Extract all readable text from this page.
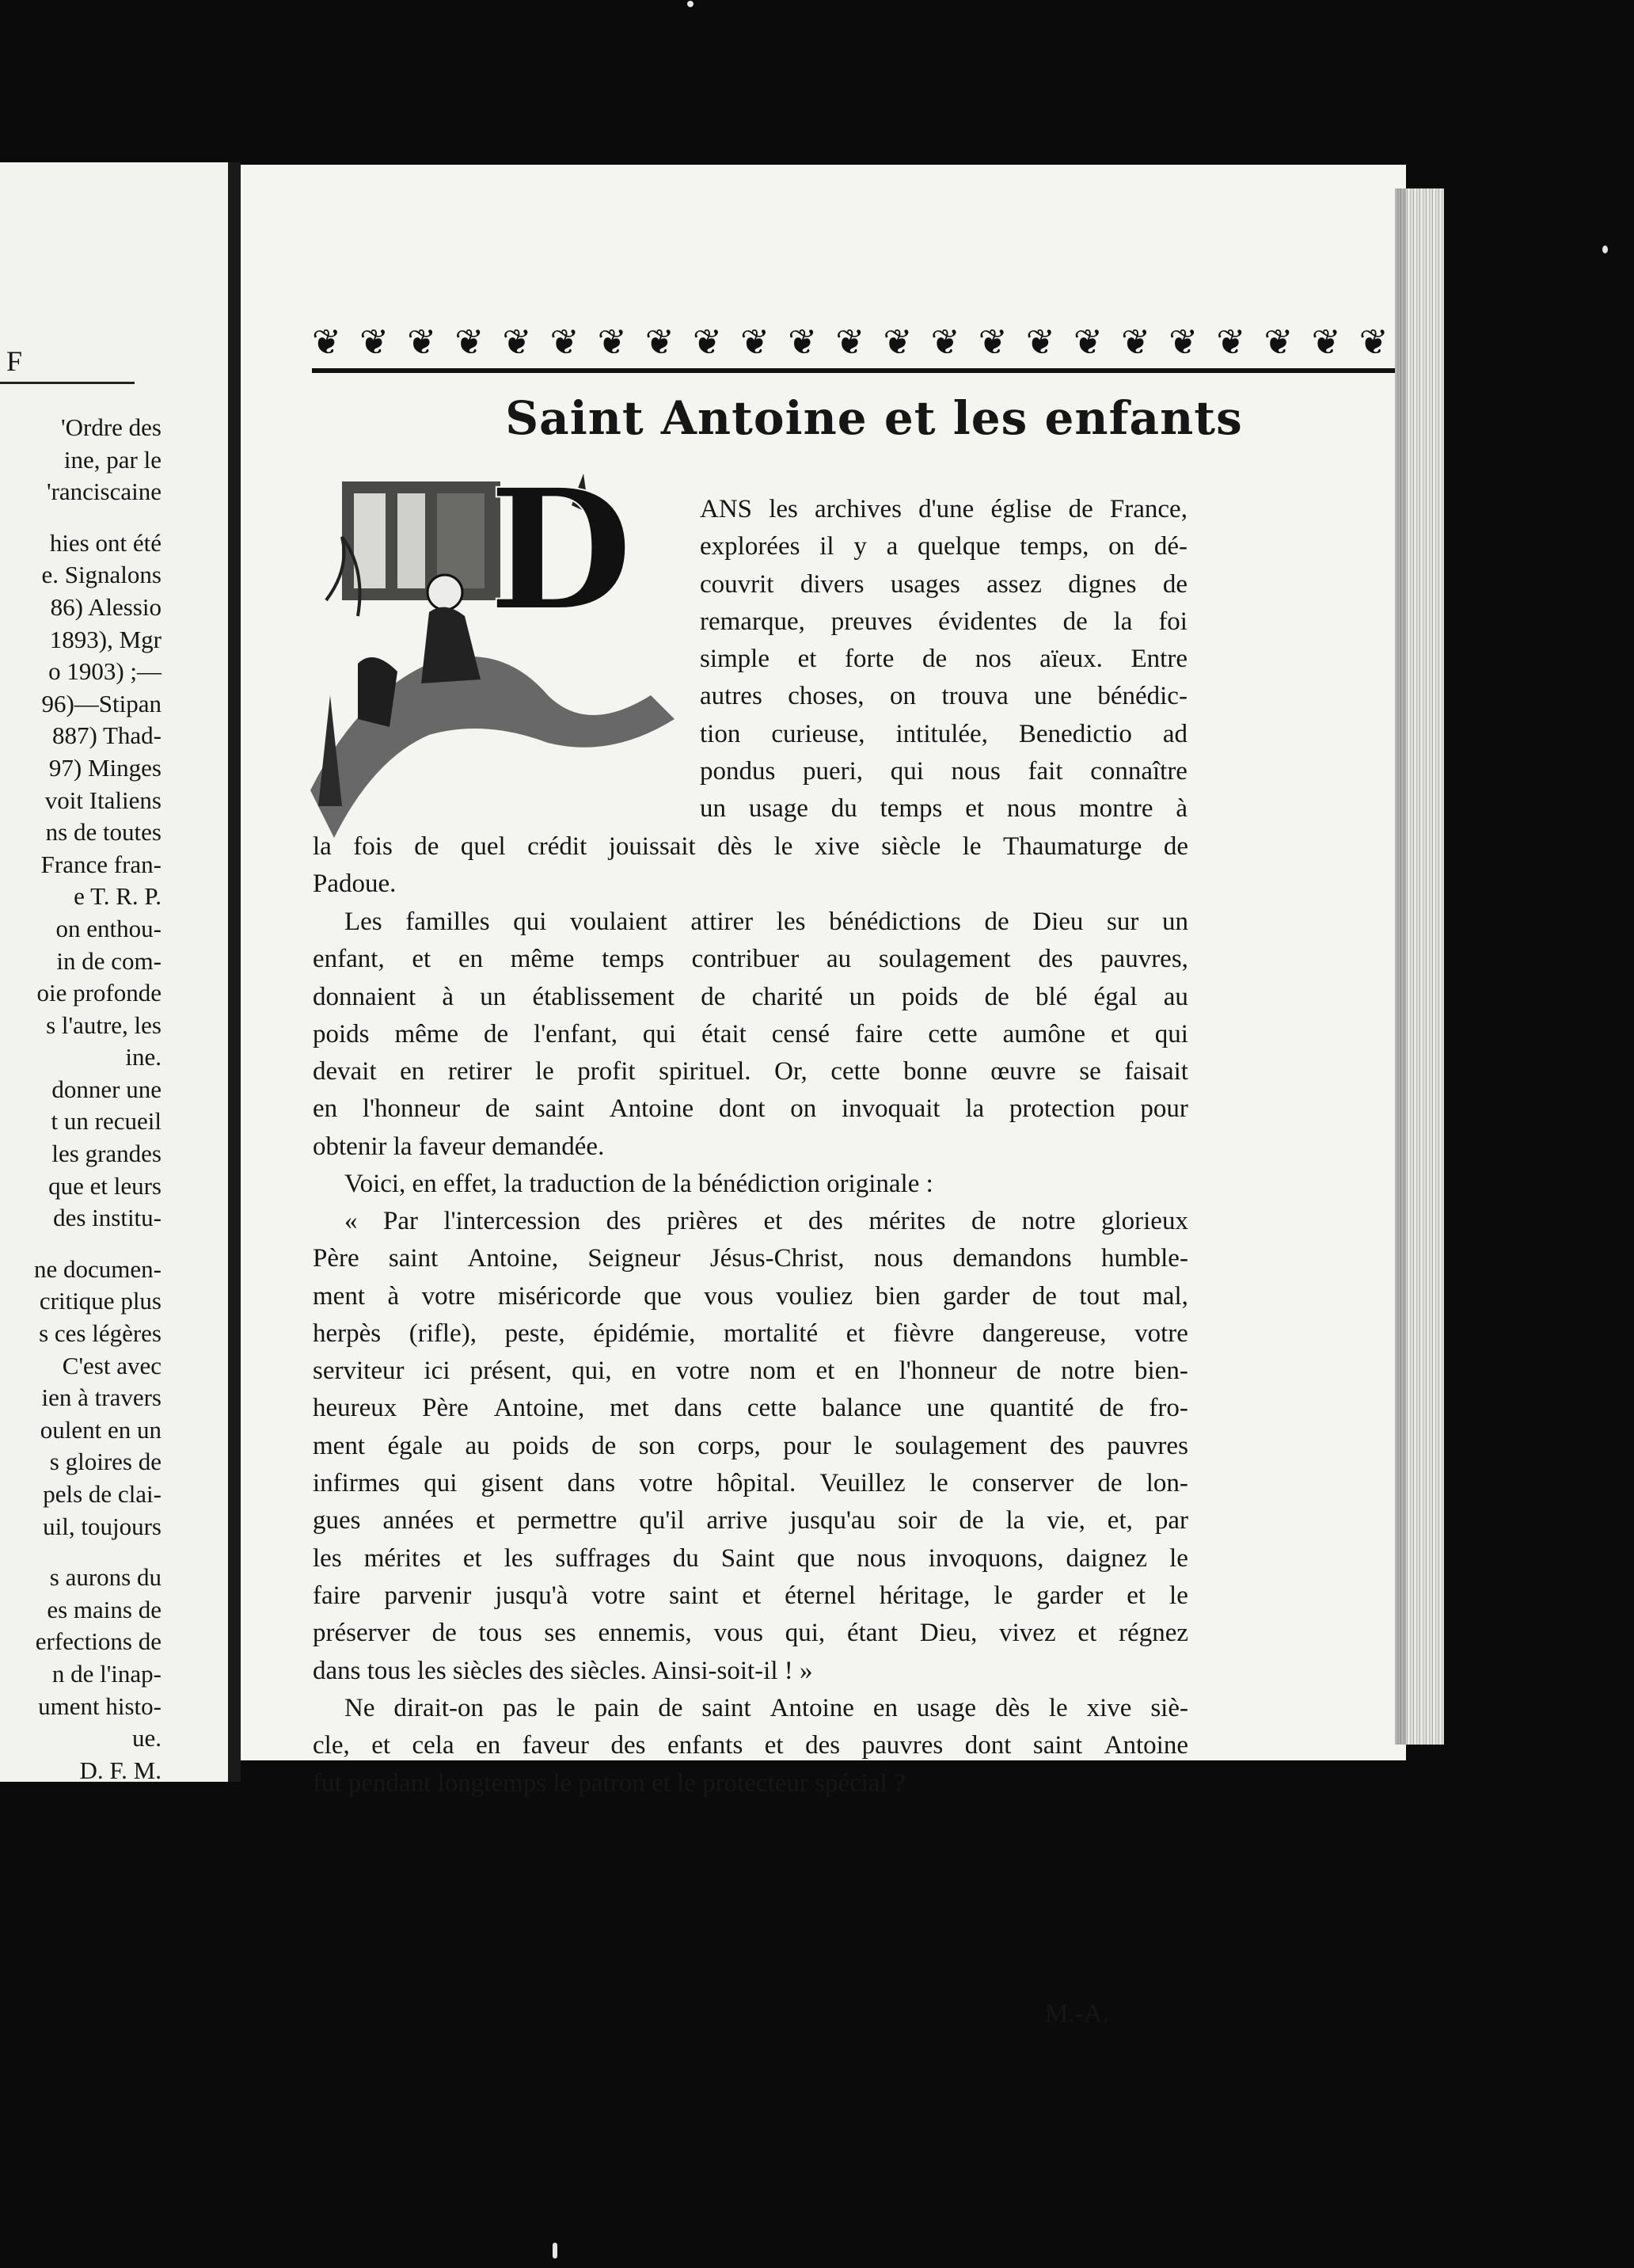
F
'Ordre des
ine, par le
'ranciscaine
hies ont été
e. Signalons
86) Alessio
1893), Mgr
o 1903) ;—
96)—Stipan
887) Thad-
97) Minges
voit Italiens
ns de toutes
France fran-
e T. R. P.
on enthou-
in de com-
oie profonde
s l'autre, les
ine.
donner une
t un recueil
les grandes
que et leurs
des institu-
ne documen-
critique plus
s ces légères
C'est avec
ien à travers
oulent en un
s gloires de
pels de clai-
uil, toujours
s aurons du
es mains de
erfections de
n de l'inap-
ument histo-
ue.
D. F. M.
❦ ❦ ❦ ❦ ❦ ❦ ❦ ❦ ❦ ❦ ❦ ❦ ❦ ❦ ❦ ❦ ❦ ❦ ❦ ❦ ❦ ❦ ❦
Saint Antoine et les enfants
D	ANS les archives d'une église de France,
explorées il y a quelque temps, on dé-
couvrit divers usages assez dignes de
remarque, preuves évidentes de la foi
simple et forte de nos aïeux. Entre
autres choses, on trouva une bénédic-
tion curieuse, intitulée, Benedictio ad
pondus pueri, qui nous fait connaître
un usage du temps et nous montre à
la fois de quel crédit jouissait dès le xive siècle le Thaumaturge de
Padoue.
Les familles qui voulaient attirer les bénédictions de Dieu sur un
enfant, et en même temps contribuer au soulagement des pauvres,
donnaient à un établissement de charité un poids de blé égal au
poids même de l'enfant, qui était censé faire cette aumône et qui
devait en retirer le profit spirituel. Or, cette bonne œuvre se faisait
en l'honneur de saint Antoine dont on invoquait la protection pour
obtenir la faveur demandée.
Voici, en effet, la traduction de la bénédiction originale :
« Par l'intercession des prières et des mérites de notre glorieux
Père saint Antoine, Seigneur Jésus-Christ, nous demandons humble-
ment à votre miséricorde que vous vouliez bien garder de tout mal,
herpès (rifle), peste, épidémie, mortalité et fièvre dangereuse, votre
serviteur ici présent, qui, en votre nom et en l'honneur de notre bien-
heureux Père Antoine, met dans cette balance une quantité de fro-
ment égale au poids de son corps, pour le soulagement des pauvres
infirmes qui gisent dans votre hôpital. Veuillez le conserver de lon-
gues années et permettre qu'il arrive jusqu'au soir de la vie, et, par
les mérites et les suffrages du Saint que nous invoquons, daignez le
faire parvenir jusqu'à votre saint et éternel héritage, le garder et le
préserver de tous ses ennemis, vous qui, étant Dieu, vivez et régnez
dans tous les siècles des siècles. Ainsi-soit-il ! »
Ne dirait-on pas le pain de saint Antoine en usage dès le xive siè-
cle, et cela en faveur des enfants et des pauvres dont saint Antoine
fut pendant longtemps le patron et le protecteur spécial ?
M.-A.
